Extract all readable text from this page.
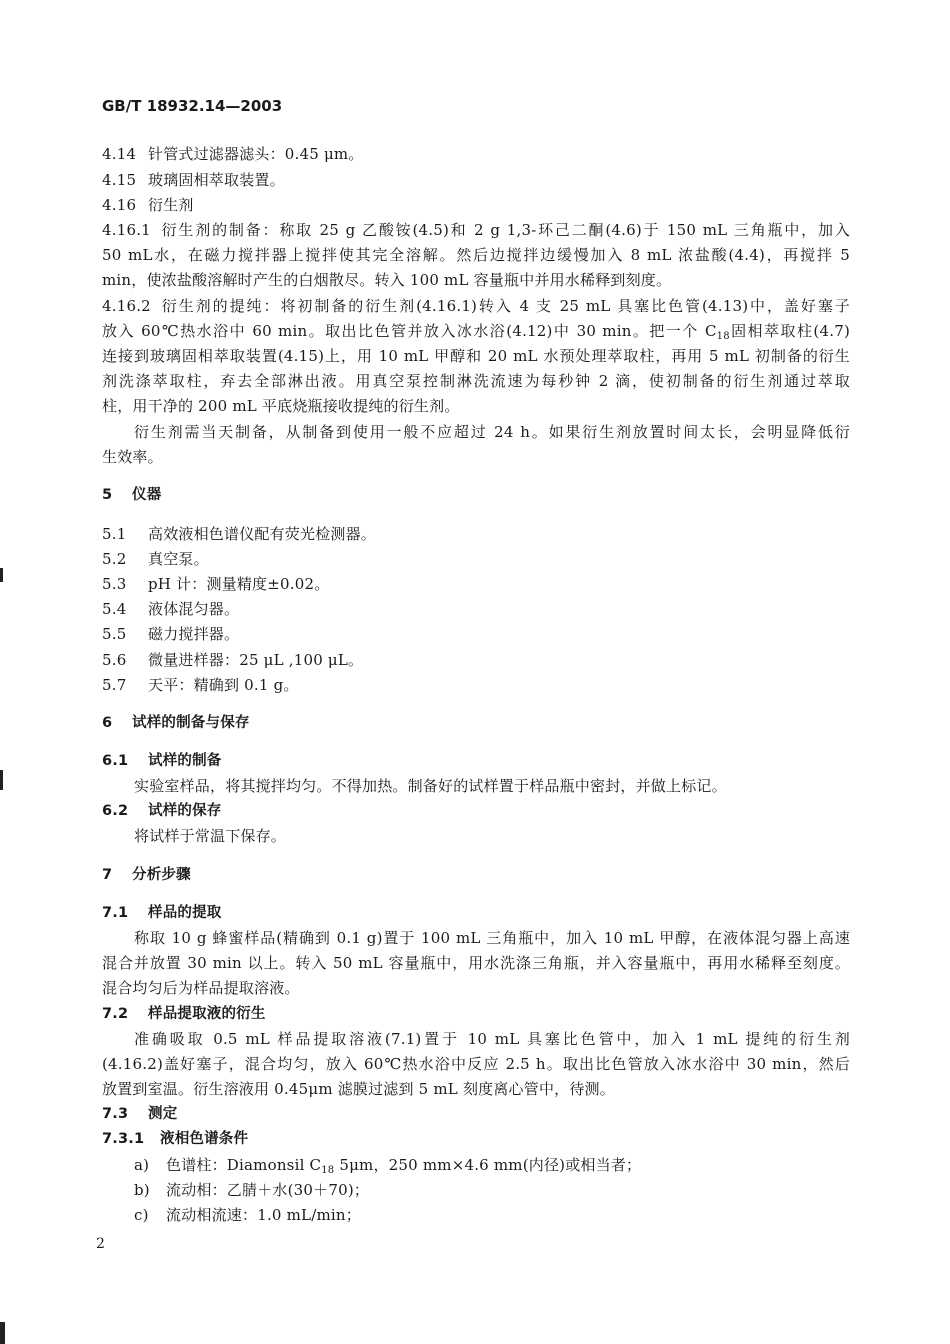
GB/T 18932.14—2003
4.14 针管式过滤器滤头：0.45 μm。
4.15 玻璃固相萃取装置。
4.16 衍生剂
4.16.1 衍生剂的制备：称取 25 g 乙酸铵(4.5)和 2 g 1,3-环己二酮(4.6)于 150 mL 三角瓶中，加入
50 mL水，在磁力搅拌器上搅拌使其完全溶解。然后边搅拌边缓慢加入 8 mL 浓盐酸(4.4)，再搅拌 5
min，使浓盐酸溶解时产生的白烟散尽。转入 100 mL 容量瓶中并用水稀释到刻度。
4.16.2 衍生剂的提纯：将初制备的衍生剂(4.16.1)转入 4 支 25 mL 具塞比色管(4.13)中，盖好塞子
放入 60℃热水浴中 60 min。取出比色管并放入冰水浴(4.12)中 30 min。把一个 $C_{18}$固相萃取柱(4.7)
连接到玻璃固相萃取装置(4.15)上，用 10 mL 甲醇和 20 mL 水预处理萃取柱，再用 5 mL 初制备的衍生
剂洗涤萃取柱，弃去全部淋出液。用真空泵控制淋洗流速为每秒钟 2 滴，使初制备的衍生剂通过萃取
柱，用干净的 200 mL 平底烧瓶接收提纯的衍生剂。
衍生剂需当天制备，从制备到使用一般不应超过 24 h。如果衍生剂放置时间太长，会明显降低衍
生效率。
5 仪器
5.1 高效液相色谱仪配有荧光检测器。
5.2 真空泵。
5.3 pH 计：测量精度±0.02。
5.4 液体混匀器。
5.5 磁力搅拌器。
5.6 微量进样器：25 μL ,100 μL。
5.7 天平：精确到 0.1 g。
6 试样的制备与保存
6.1 试样的制备
实验室样品，将其搅拌均匀。不得加热。制备好的试样置于样品瓶中密封，并做上标记。
6.2 试样的保存
将试样于常温下保存。
7 分析步骤
7.1 样品的提取
称取 10 g 蜂蜜样品(精确到 0.1 g)置于 100 mL 三角瓶中，加入 10 mL 甲醇，在液体混匀器上高速
混合并放置 30 min 以上。转入 50 mL 容量瓶中，用水洗涤三角瓶，并入容量瓶中，再用水稀释至刻度。
混合均匀后为样品提取溶液。
7.2 样品提取液的衍生
准确吸取 0.5 mL 样品提取溶液(7.1)置于 10 mL 具塞比色管中，加入 1 mL 提纯的衍生剂
(4.16.2)盖好塞子，混合均匀，放入 60℃热水浴中反应 2.5 h。取出比色管放入冰水浴中 30 min，然后
放置到室温。衍生溶液用 0.45μm 滤膜过滤到 5 mL 刻度离心管中，待测。
7.3 测定
7.3.1 液相色谱条件
a) 色谱柱：Diamonsil $C_{18}$ 5μm，250 mm×4.6 mm(内径)或相当者；
b) 流动相：乙腈＋水(30＋70)；
c) 流动相流速：1.0 mL/min；
2
